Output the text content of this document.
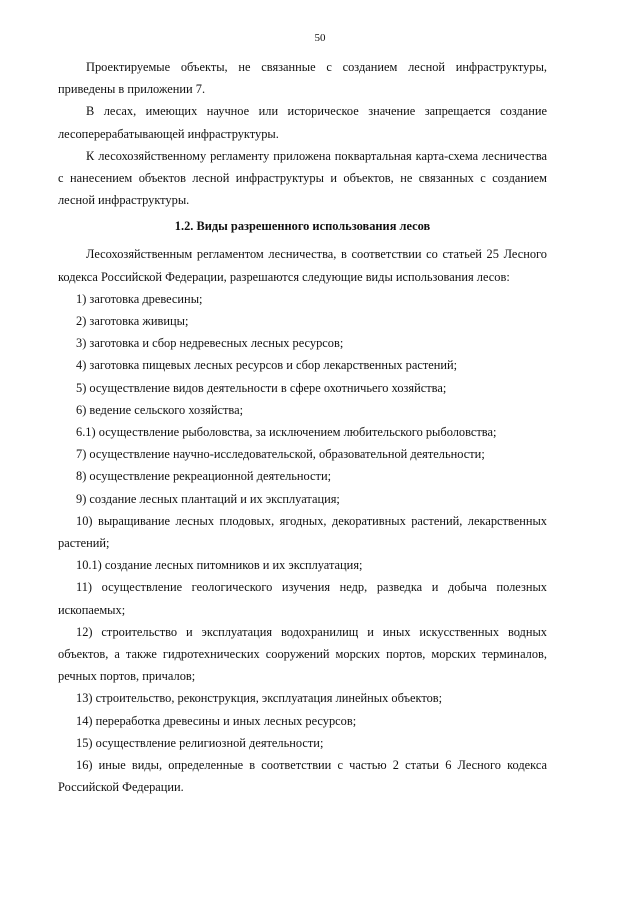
50

Проектируемые объекты, не связанные с созданием лесной инфраструктуры, приведены в приложении 7.

В лесах, имеющих научное или историческое значение запрещается создание лесоперерабатывающей инфраструктуры.

К лесохозяйственному регламенту приложена поквартальная карта-схема лесничества с нанесением объектов лесной инфраструктуры и объектов, не связанных с созданием лесной инфраструктуры.

1.2. Виды разрешенного использования лесов

Лесохозяйственным регламентом лесничества, в соответствии со статьей 25 Лесного кодекса Российской Федерации, разрешаются следующие виды использования лесов:

1) заготовка древесины;

2) заготовка живицы;

3) заготовка и сбор недревесных лесных ресурсов;

4) заготовка пищевых лесных ресурсов и сбор лекарственных растений;

5) осуществление видов деятельности в сфере охотничьего хозяйства;

6) ведение сельского хозяйства;

6.1) осуществление рыболовства, за исключением любительского рыболовства;

7) осуществление научно-исследовательской, образовательной деятельности;

8) осуществление рекреационной деятельности;

9) создание лесных плантаций и их эксплуатация;

10) выращивание лесных плодовых, ягодных, декоративных растений, лекарственных растений;

10.1) создание лесных питомников и их эксплуатация;

11) осуществление геологического изучения недр, разведка и добыча полезных ископаемых;

12) строительство и эксплуатация водохранилищ и иных искусственных водных объектов, а также гидротехнических сооружений морских портов, морских терминалов, речных портов, причалов;

13) строительство, реконструкция, эксплуатация линейных объектов;

14) переработка древесины и иных лесных ресурсов;

15) осуществление религиозной деятельности;

16) иные виды, определенные в соответствии с частью 2 статьи 6 Лесного кодекса Российской Федерации.
